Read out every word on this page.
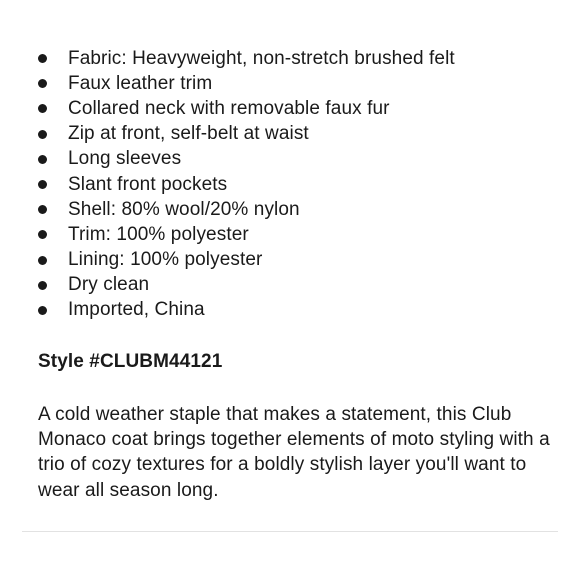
Fabric: Heavyweight, non-stretch brushed felt
Faux leather trim
Collared neck with removable faux fur
Zip at front, self-belt at waist
Long sleeves
Slant front pockets
Shell: 80% wool/20% nylon
Trim: 100% polyester
Lining: 100% polyester
Dry clean
Imported, China

Style #CLUBM44121

A cold weather staple that makes a statement, this Club Monaco coat brings together elements of moto styling with a trio of cozy textures for a boldly stylish layer you'll want to wear all season long.
